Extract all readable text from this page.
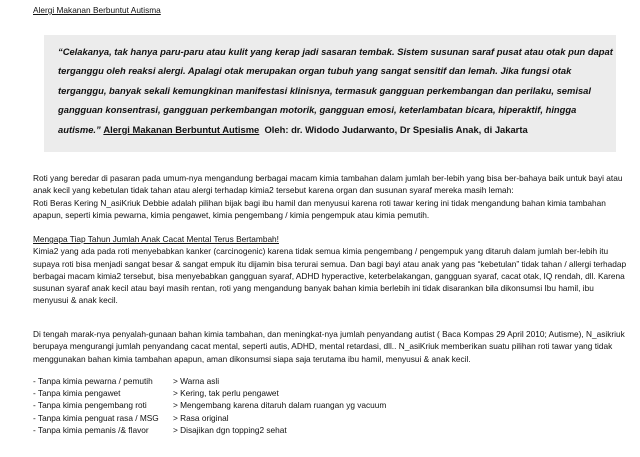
Alergi Makanan Berbuntut Autisma
“Celakanya, tak hanya paru-paru atau kulit yang kerap jadi sasaran tembak. Sistem susunan saraf pusat atau otak pun dapat terganggu oleh reaksi alergi. Apalagi otak merupakan organ tubuh yang sangat sensitif dan lemah. Jika fungsi otak terganggu, banyak sekali kemungkinan manifestasi klinisnya, termasuk gangguan perkembangan dan perilaku, semisal gangguan konsentrasi, gangguan perkembangan motorik, gangguan emosi, keterlambatan bicara, hiperaktif, hingga autisme.” Alergi Makanan Berbuntut Autisme Oleh: dr. Widodo Judarwanto, Dr Spesialis Anak, di Jakarta
Roti yang beredar di pasaran pada umum-nya mengandung berbagai macam kimia tambahan dalam jumlah ber-lebih yang bisa ber-bahaya baik untuk bayi atau anak kecil yang kebetulan tidak tahan atau alergi terhadap kimia2 tersebut karena organ dan susunan syaraf mereka masih lemah:
Roti Beras Kering N_asiKriuk Debbie adalah pilihan bijak bagi ibu hamil dan menyusui karena roti tawar kering ini tidak mengandung bahan kimia tambahan apapun, seperti kimia pewarna, kimia pengawet, kimia pengembang / kimia pengempuk atau kimia pemutih.
Mengapa Tiap Tahun Jumlah Anak Cacat Mental Terus Bertambah!
Kimia2 yang ada pada roti menyebabkan kanker (carcinogenic) karena tidak semua kimia pengembang / pengempuk yang ditaruh dalam jumlah ber-lebih itu supaya roti bisa menjadi sangat besar & sangat empuk itu dijamin bisa terurai semua. Dan bagi bayi atau anak yang pas “kebetulan” tidak tahan / allergi terhadap berbagai macam kimia2 tersebut, bisa menyebabkan gangguan syaraf, ADHD hyperactive, keterbelakangan, gangguan syaraf, cacat otak, IQ rendah, dll. Karena susunan syaraf anak kecil atau bayi masih rentan, roti yang mengandung banyak bahan kimia berlebih ini tidak disarankan bila dikonsumsi Ibu hamil, ibu menyusui & anak kecil.
Di tengah marak-nya penyalah-gunaan bahan kimia tambahan, dan meningkat-nya jumlah penyandang autist ( Baca Kompas 29 April 2010; Autisme), N_asikriuk berupaya mengurangi jumlah penyandang cacat mental, seperti autis, ADHD, mental retardasi, dll.. N_asiKriuk memberikan suatu pilihan roti tawar yang tidak menggunakan bahan kimia tambahan apapun, aman dikonsumsi siapa saja terutama ibu hamil, menyusui & anak kecil.
- Tanpa kimia pewarna / pemutih > Warna asli
- Tanpa kimia pengawet	> Kering, tak perlu pengawet
- Tanpa kimia pengembang roti	> Mengembang karena ditaruh dalam ruangan yg vacuum
- Tanpa kimia penguat rasa / MSG > Rasa original
- Tanpa kimia pemanis /& flavor	> Disajikan dgn topping2 sehat
